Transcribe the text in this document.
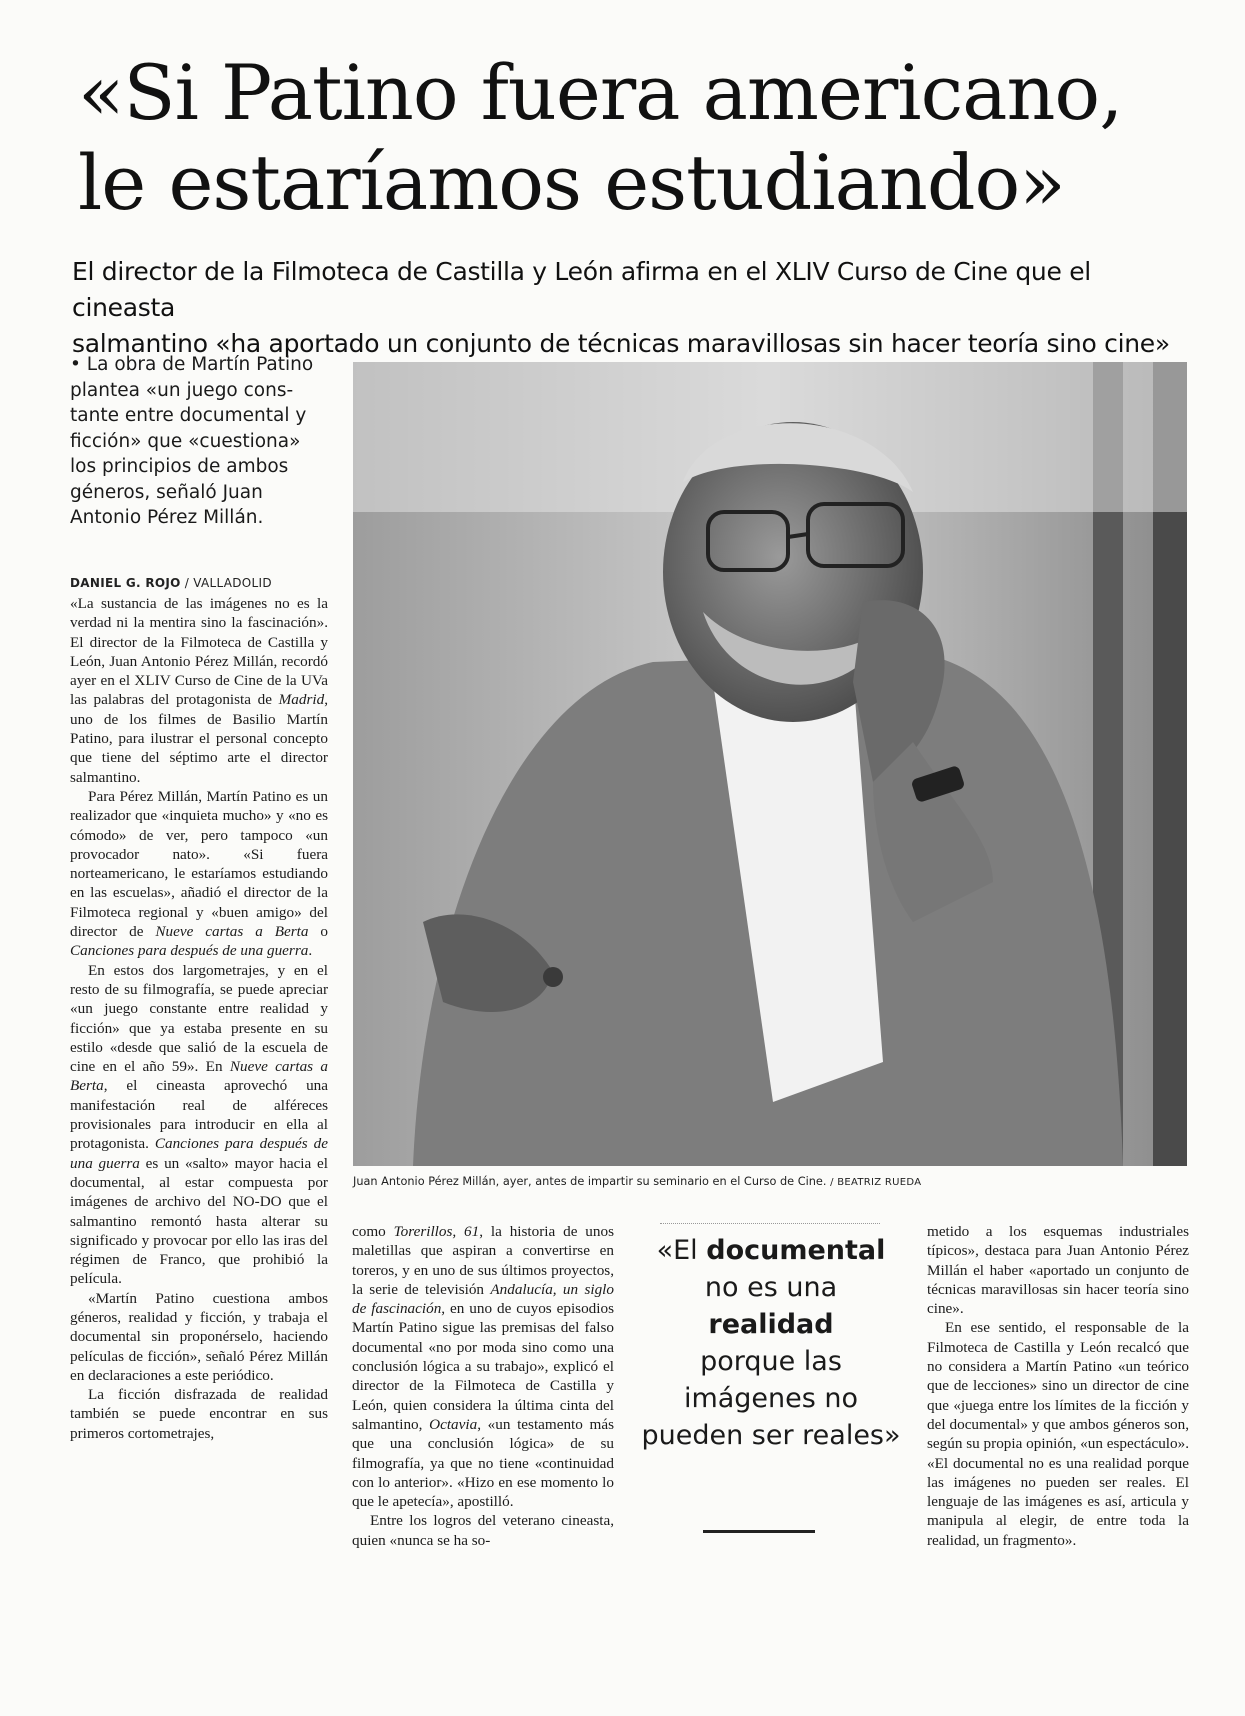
«Si Patino fuera americano,
le estaríamos estudiando»
El director de la Filmoteca de Castilla y León afirma en el XLIV Curso de Cine que el cineasta
salmantino «ha aportado un conjunto de técnicas maravillosas sin hacer teoría sino cine»
• La obra de Martín Patino
plantea «un juego cons-
tante entre documental y
ficción» que «cuestiona»
los principios de ambos
géneros, señaló Juan
Antonio Pérez Millán.
DANIEL G. ROJO / VALLADOLID

«La sustancia de las imágenes no es la verdad ni la mentira sino la fascinación». El director de la Filmoteca de Castilla y León, Juan Antonio Pérez Millán, recordó ayer en el XLIV Curso de Cine de la UVa las palabras del protagonista de Madrid, uno de los filmes de Basilio Martín Patino, para ilustrar el personal concepto que tiene del séptimo arte el director salmantino.

Para Pérez Millán, Martín Patino es un realizador que «inquieta mucho» y «no es cómodo» de ver, pero tampoco «un provocador nato». «Si fuera norteamericano, le estaríamos estudiando en las escuelas», añadió el director de la Filmoteca regional y «buen amigo» del director de Nueve cartas a Berta o Canciones para después de una guerra.

En estos dos largometrajes, y en el resto de su filmografía, se puede apreciar «un juego constante entre realidad y ficción» que ya estaba presente en su estilo «desde que salió de la escuela de cine en el año 59». En Nueve cartas a Berta, el cineasta aprovechó una manifestación real de alféreces provisionales para introducir en ella al protagonista. Canciones para después de una guerra es un «salto» mayor hacia el documental, al estar compuesta por imágenes de archivo del NO-DO que el salmantino remontó hasta alterar su significado y provocar por ello las iras del régimen de Franco, que prohibió la película.

«Martín Patino cuestiona ambos géneros, realidad y ficción, y trabaja el documental sin proponérselo, haciendo películas de ficción», señaló Pérez Millán en declaraciones a este periódico.

La ficción disfrazada de realidad también se puede encontrar en sus primeros cortometrajes,

Juan Antonio Pérez Millán, ayer, antes de impartir su seminario en el Curso de Cine. / BEATRIZ RUEDA

como Torerillos, 61, la historia de unos maletillas que aspiran a convertirse en toreros, y en uno de sus últimos proyectos, la serie de televisión Andalucía, un siglo de fascinación, en uno de cuyos episodios Martín Patino sigue las premisas del falso documental «no por moda sino como una conclusión lógica a su trabajo», explicó el director de la Filmoteca de Castilla y León, quien considera la última cinta del salmantino, Octavia, «un testamento más que una conclusión lógica» de su filmografía, ya que no tiene «continuidad con lo anterior». «Hizo en ese momento lo que le apetecía», apostilló.

Entre los logros del veterano cineasta, quien «nunca se ha so-

«El documental
no es una realidad
porque las imágenes no pueden ser reales»

metido a los esquemas industriales típicos», destaca para Juan Antonio Pérez Millán el haber «aportado un conjunto de técnicas maravillosas sin hacer teoría sino cine».

En ese sentido, el responsable de la Filmoteca de Castilla y León recalcó que no considera a Martín Patino «un teórico que de lecciones» sino un director de cine que «juega entre los límites de la ficción y del documental» y que ambos géneros son, según su propia opinión, «un espectáculo». «El documental no es una realidad porque las imágenes no pueden ser reales. El lenguaje de las imágenes es así, articula y manipula al elegir, de entre toda la realidad, un fragmento».
